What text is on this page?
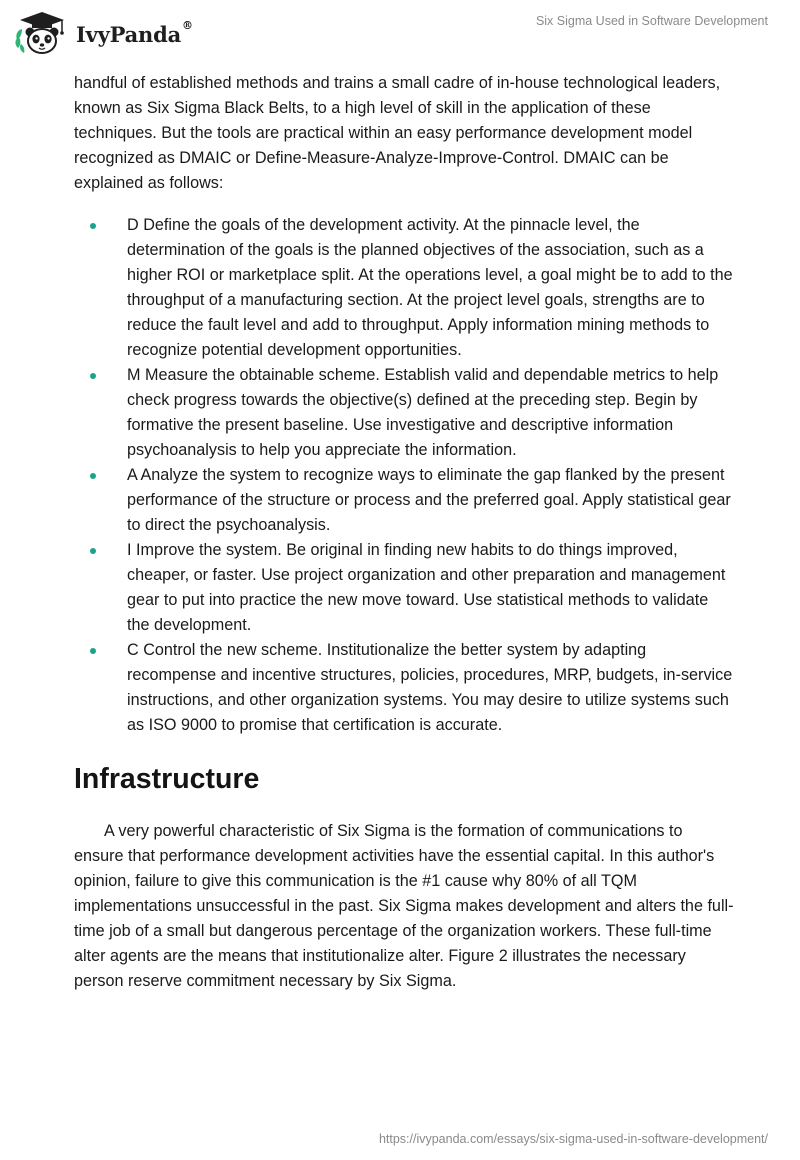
IvyPanda®	Six Sigma Used in Software Development

handful of established methods and trains a small cadre of in-house technological leaders, known as Six Sigma Black Belts, to a high level of skill in the application of these techniques. But the tools are practical within an easy performance development model recognized as DMAIC or Define-Measure-Analyze-Improve-Control. DMAIC can be explained as follows:

D Define the goals of the development activity. At the pinnacle level, the determination of the goals is the planned objectives of the association, such as a higher ROI or marketplace split. At the operations level, a goal might be to add to the throughput of a manufacturing section. At the project level goals, strengths are to reduce the fault level and add to throughput. Apply information mining methods to recognize potential development opportunities.
M Measure the obtainable scheme. Establish valid and dependable metrics to help check progress towards the objective(s) defined at the preceding step. Begin by formative the present baseline. Use investigative and descriptive information psychoanalysis to help you appreciate the information.
A Analyze the system to recognize ways to eliminate the gap flanked by the present performance of the structure or process and the preferred goal. Apply statistical gear to direct the psychoanalysis.
I Improve the system. Be original in finding new habits to do things improved, cheaper, or faster. Use project organization and other preparation and management gear to put into practice the new move toward. Use statistical methods to validate the development.
C Control the new scheme. Institutionalize the better system by adapting recompense and incentive structures, policies, procedures, MRP, budgets, in-service instructions, and other organization systems. You may desire to utilize systems such as ISO 9000 to promise that certification is accurate.
Infrastructure

A very powerful characteristic of Six Sigma is the formation of communications to ensure that performance development activities have the essential capital. In this author's opinion, failure to give this communication is the #1 cause why 80% of all TQM implementations unsuccessful in the past. Six Sigma makes development and alters the full-time job of a small but dangerous percentage of the organization workers. These full-time alter agents are the means that institutionalize alter. Figure 2 illustrates the necessary person reserve commitment necessary by Six Sigma.

https://ivypanda.com/essays/six-sigma-used-in-software-development/
